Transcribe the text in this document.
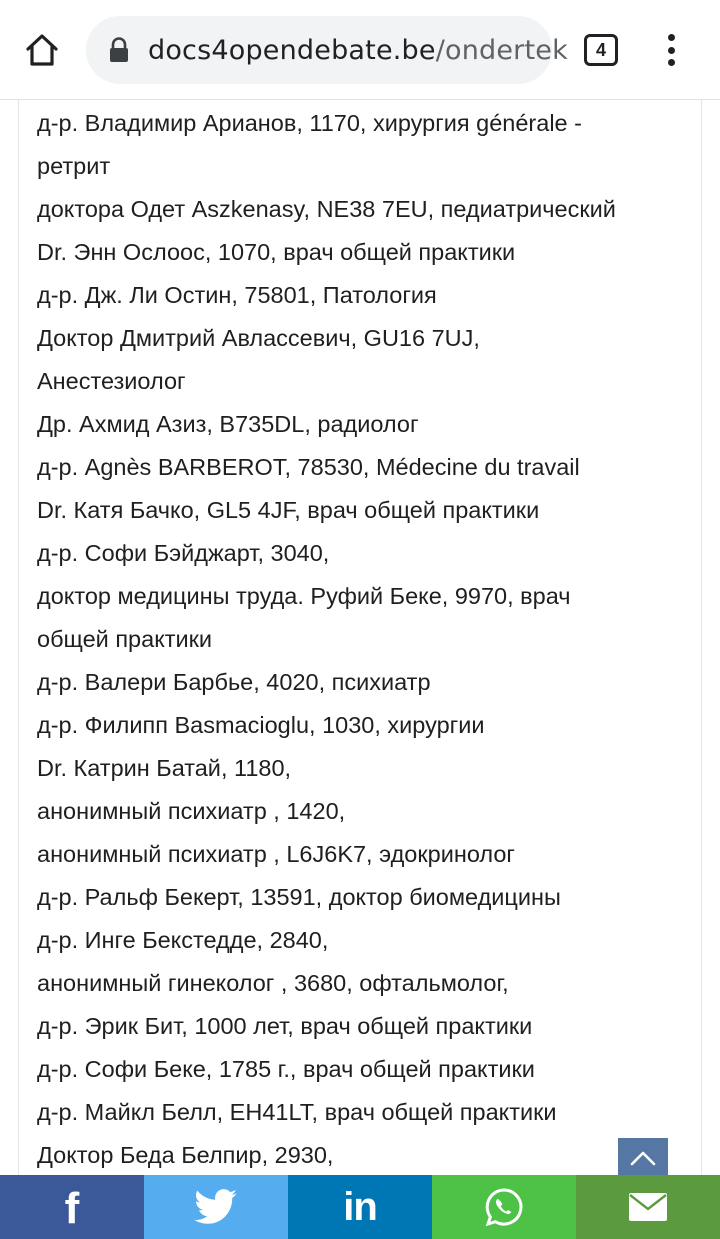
docs4opendebate.be/ondertek 4

д-р. Владимир Арианов, 1170, хирургия générale -

ретрит

доктора Одет Aszkenasy, NE38 7EU, педиатрический

Dr. Энн Ослоос, 1070, врач общей практики

д-р. Дж. Ли Остин, 75801, Патология

Доктор Дмитрий Авлассевич, GU16 7UJ,

Анестезиолог

Др. Ахмид Азиз, B735DL, радиолог

д-р. Agnès BARBEROT, 78530, Médecine du travail

Dr. Катя Бачко, GL5 4JF, врач общей практики

д-р. Софи Бэйджарт, 3040,

доктор медицины труда. Руфий Беке, 9970, врач

общей практики

д-р. Валери Барбье, 4020, психиатр

д-р. Филипп Basmacioglu, 1030, хирургии

Dr. Катрин Батай, 1180,

анонимный психиатр , 1420,

анонимный психиатр , L6J6K7, эдокринолог

д-р. Ральф Бекерт, 13591, доктор биомедицины

д-р. Инге Бекстедде, 2840,

анонимный гинеколог , 3680, офтальмолог,

д-р. Эрик Бит, 1000 лет, врач общей практики

д-р. Софи Беке, 1785 г., врач общей практики

д-р. Майкл Белл, EH41LT, врач общей практики

Доктор Беда Белпир, 2930,

f	in
